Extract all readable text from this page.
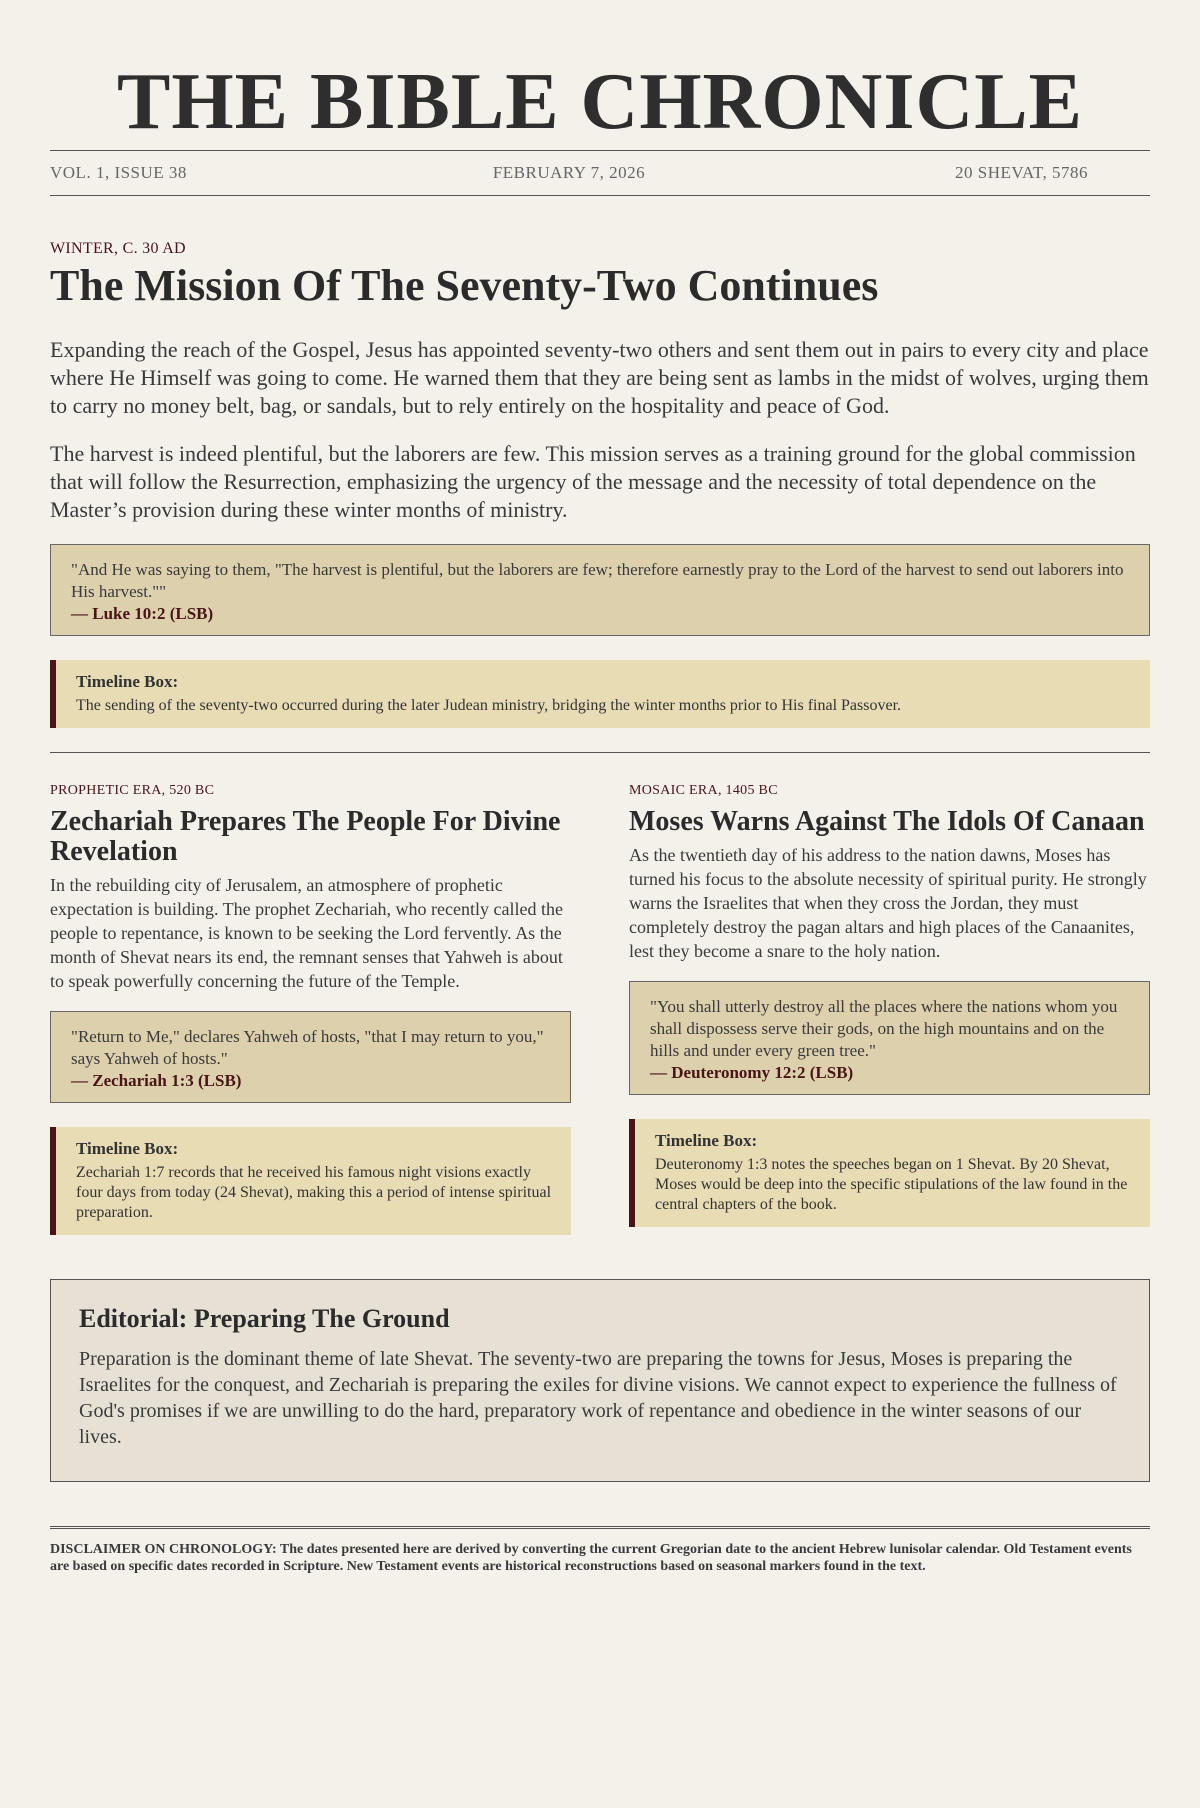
THE BIBLE CHRONICLE
VOL. 1, ISSUE 38	FEBRUARY 7, 2026	20 SHEVAT, 5786
WINTER, C. 30 AD
The Mission Of The Seventy-Two Continues

Expanding the reach of the Gospel, Jesus has appointed seventy-two others and sent them out in pairs to every city and place where He Himself was going to come. He warned them that they are being sent as lambs in the midst of wolves, urging them to carry no money belt, bag, or sandals, but to rely entirely on the hospitality and peace of God.

The harvest is indeed plentiful, but the laborers are few. This mission serves as a training ground for the global commission that will follow the Resurrection, emphasizing the urgency of the message and the necessity of total dependence on the Master’s provision during these winter months of ministry.

"And He was saying to them, "The harvest is plentiful, but the laborers are few; therefore earnestly pray to the Lord of the harvest to send out laborers into His harvest.""
— Luke 10:2 (LSB)
Timeline Box:
The sending of the seventy-two occurred during the later Judean ministry, bridging the winter months prior to His final Passover.
PROPHETIC ERA, 520 BC
Zechariah Prepares The People For Divine Revelation

In the rebuilding city of Jerusalem, an atmosphere of prophetic expectation is building. The prophet Zechariah, who recently called the people to repentance, is known to be seeking the Lord fervently. As the month of Shevat nears its end, the remnant senses that Yahweh is about to speak powerfully concerning the future of the Temple.

"Return to Me," declares Yahweh of hosts, "that I may return to you," says Yahweh of hosts."
— Zechariah 1:3 (LSB)
Timeline Box:
Zechariah 1:7 records that he received his famous night visions exactly four days from today (24 Shevat), making this a period of intense spiritual preparation.
MOSAIC ERA, 1405 BC
Moses Warns Against The Idols Of Canaan

As the twentieth day of his address to the nation dawns, Moses has turned his focus to the absolute necessity of spiritual purity. He strongly warns the Israelites that when they cross the Jordan, they must completely destroy the pagan altars and high places of the Canaanites, lest they become a snare to the holy nation.

"You shall utterly destroy all the places where the nations whom you shall dispossess serve their gods, on the high mountains and on the hills and under every green tree."
— Deuteronomy 12:2 (LSB)
Timeline Box:
Deuteronomy 1:3 notes the speeches began on 1 Shevat. By 20 Shevat, Moses would be deep into the specific stipulations of the law found in the central chapters of the book.
Editorial: Preparing The Ground

Preparation is the dominant theme of late Shevat. The seventy-two are preparing the towns for Jesus, Moses is preparing the Israelites for the conquest, and Zechariah is preparing the exiles for divine visions. We cannot expect to experience the fullness of God's promises if we are unwilling to do the hard, preparatory work of repentance and obedience in the winter seasons of our lives.

DISCLAIMER ON CHRONOLOGY: The dates presented here are derived by converting the current Gregorian date to the ancient Hebrew lunisolar calendar. Old Testament events are based on specific dates recorded in Scripture. New Testament events are historical reconstructions based on seasonal markers found in the text.
